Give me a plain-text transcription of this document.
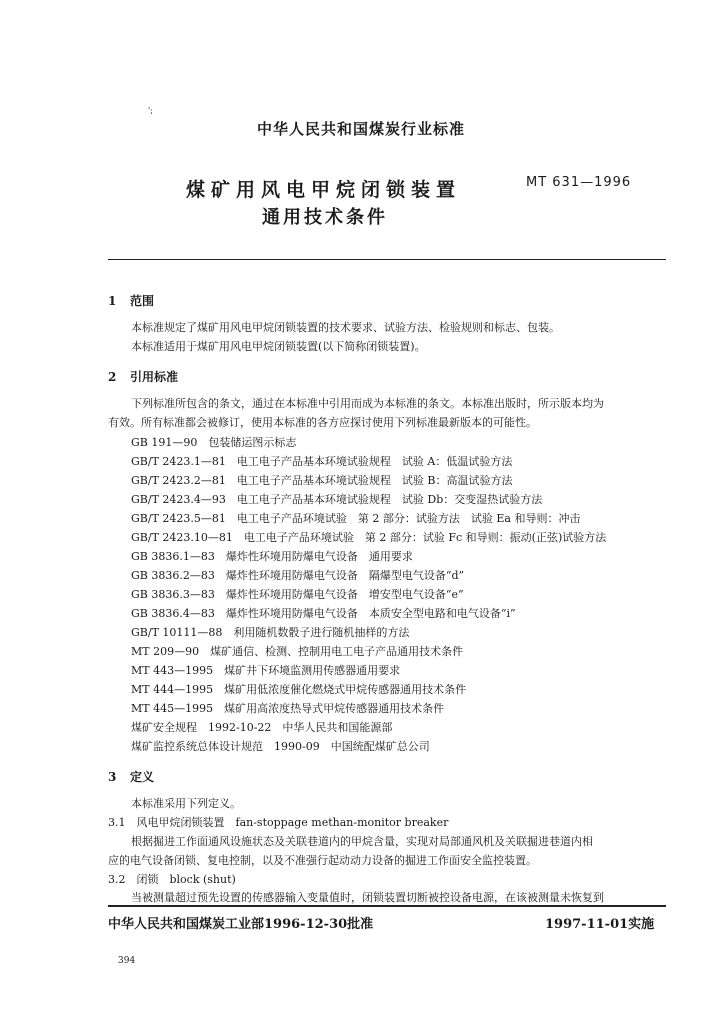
';
中华人民共和国煤炭行业标准
煤矿用风电甲烷闭锁装置
通用技术条件
MT 631—1996
1 范围
本标准规定了煤矿用风电甲烷闭锁装置的技术要求、试验方法、检验规则和标志、包装。
本标准适用于煤矿用风电甲烷闭锁装置(以下简称闭锁装置)。
2 引用标准
下列标准所包含的条文，通过在本标准中引用而成为本标准的条文。本标准出版时，所示版本均为
有效。所有标准都会被修订，使用本标准的各方应探讨使用下列标准最新版本的可能性。
GB 191—90　包装储运图示标志
GB/T 2423.1—81　电工电子产品基本环境试验规程　试验 A：低温试验方法
GB/T 2423.2—81　电工电子产品基本环境试验规程　试验 B：高温试验方法
GB/T 2423.4—93　电工电子产品基本环境试验规程　试验 Db：交变湿热试验方法
GB/T 2423.5—81　电工电子产品环境试验　第 2 部分：试验方法　试验 Ea 和导则：冲击
GB/T 2423.10—81　电工电子产品环境试验　第 2 部分：试验 Fc 和导则：振动(正弦)试验方法
GB 3836.1—83　爆炸性环境用防爆电气设备　通用要求
GB 3836.2—83　爆炸性环境用防爆电气设备　隔爆型电气设备“d”
GB 3836.3—83　爆炸性环境用防爆电气设备　增安型电气设备“e”
GB 3836.4—83　爆炸性环境用防爆电气设备　本质安全型电路和电气设备“i”
GB/T 10111—88　利用随机数骰子进行随机抽样的方法
MT 209—90　煤矿通信、检测、控制用电工电子产品通用技术条件
MT 443—1995　煤矿井下环境监测用传感器通用要求
MT 444—1995　煤矿用低浓度催化燃烧式甲烷传感器通用技术条件
MT 445—1995　煤矿用高浓度热导式甲烷传感器通用技术条件
煤矿安全规程　1992-10-22　中华人民共和国能源部
煤矿监控系统总体设计规范　1990-09　中国统配煤矿总公司
3 定义
本标准采用下列定义。
3.1　风电甲烷闭锁装置　fan-stoppage methan-monitor breaker
根据掘进工作面通风设施状态及关联巷道内的甲烷含量，实现对局部通风机及关联掘进巷道内相
应的电气设备闭锁、复电控制，以及不准强行起动动力设备的掘进工作面安全监控装置。
3.2　闭锁　block (shut)
当被测量超过预先设置的传感器输入变量值时，闭锁装置切断被控设备电源，在该被测量未恢复到
中华人民共和国煤炭工业部1996-12-30批准	1997-11-01实施
394
